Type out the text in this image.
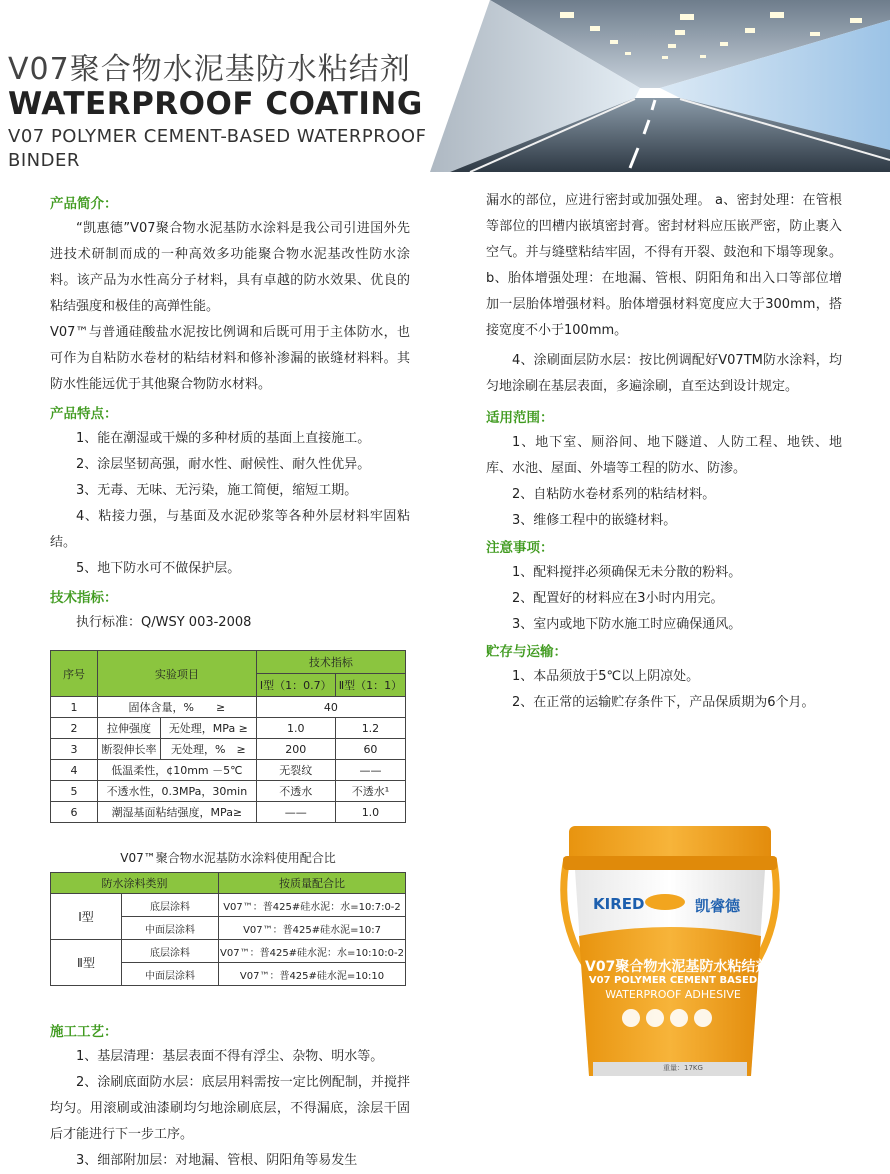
V07聚合物水泥基防水粘结剂
WATERPROOF COATING
V07 POLYMER CEMENT-BASED WATERPROOF BINDER
产品简介：

“凯惠德”V07聚合物水泥基防水涂料是我公司引进国外先进技术研制而成的一种高效多功能聚合物水泥基改性防水涂料。该产品为水性高分子材料，具有卓越的防水效果、优良的粘结强度和极佳的高弹性能。

V07™与普通硅酸盐水泥按比例调和后既可用于主体防水，也可作为自粘防水卷材的粘结材料和修补渗漏的嵌缝材料料。其防水性能远优于其他聚合物防水材料。

产品特点：

1、能在潮湿或干燥的多种材质的基面上直接施工。

2、涂层坚韧高强，耐水性、耐候性、耐久性优异。

3、无毒、无味、无污染，施工简便，缩短工期。

4、粘接力强，与基面及水泥砂浆等各种外层材料牢固粘结。

5、地下防水可不做保护层。

技术指标：

执行标准：Q/WSY 003-2008

序号	实验项目		技术指标	
			Ⅰ型（1：0.7）	Ⅱ型（1：1）
1	固体含量，%　　≥		40	
2	拉伸强度	无处理，MPa ≥	1.0	1.2
3	断裂伸长率	无处理，%　≥	200	60
4	低温柔性，¢10mm －5℃		无裂纹	——
5	不透水性，0.3MPa，30min		不透水	不透水¹
6	潮湿基面粘结强度，MPa≥		——	1.0
V07™聚合物水泥基防水涂料使用配合比
防水涂料类别		按质量配合比
Ⅰ型	底层涂料	V07™：普425#硅水泥：水=10:7:0-2
	中面层涂料	V07™：普425#硅水泥=10:7
Ⅱ型	底层涂料	V07™：普425#硅水泥：水=10:10:0-2
	中面层涂料	V07™：普425#硅水泥=10:10
施工工艺：

1、基层清理：基层表面不得有浮尘、杂物、明水等。

2、涂刷底面防水层：底层用料需按一定比例配制，并搅拌均匀。用滚刷或油漆刷均匀地涂刷底层，不得漏底，涂层干固后才能进行下一步工序。

3、细部附加层：对地漏、管根、阴阳角等易发生

漏水的部位，应进行密封或加强处理。 a、密封处理：在管根等部位的凹槽内嵌填密封膏。密封材料应压嵌严密，防止裹入空气。并与缝壁粘结牢固，不得有开裂、鼓泡和下塌等现象。 b、胎体增强处理：在地漏、管根、阴阳角和出入口等部位增加一层胎体增强材料。胎体增强材料宽度应大于300mm，搭接宽度不小于100mm。

4、涂刷面层防水层：按比例调配好V07TM防水涂料，均匀地涂刷在基层表面，多遍涂刷，直至达到设计规定。

适用范围：

1、地下室、厕浴间、地下隧道、人防工程、地铁、地库、水池、屋面、外墙等工程的防水、防渗。

2、自粘防水卷材系列的粘结材料。

3、维修工程中的嵌缝材料。

注意事项：

1、配料搅拌必须确保无未分散的粉料。

2、配置好的材料应在3小时内用完。

3、室内或地下防水施工时应确保通风。

贮存与运输：

1、本品须放于5℃以上阴凉处。

2、在正常的运输贮存条件下，产品保质期为6个月。

KIRED	凯睿德
V07聚合物水泥基防水粘结剂
V07 POLYMER CEMENT BASED
WATERPROOF ADHESIVE
重量：17KG
